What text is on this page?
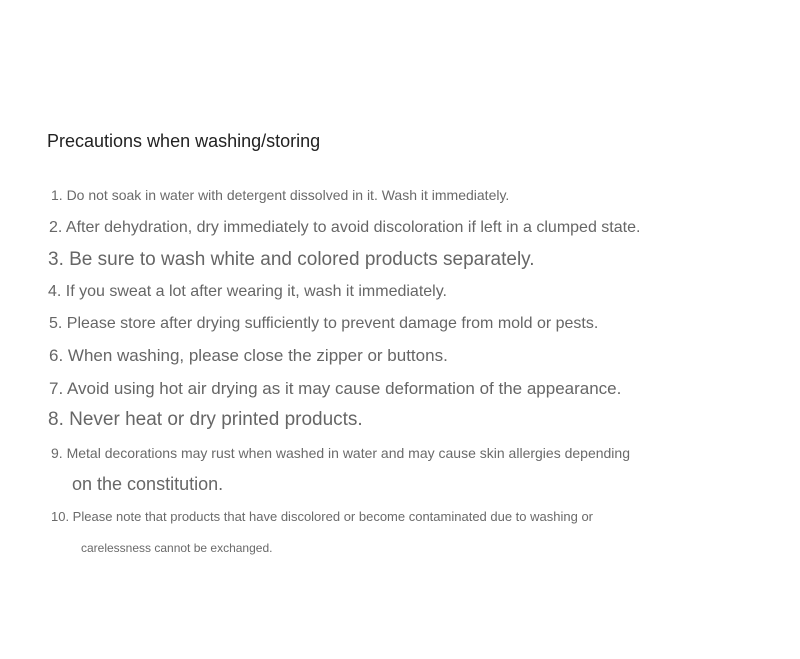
Precautions when washing/storing
1. Do not soak in water with detergent dissolved in it. Wash it immediately.
2. After dehydration, dry immediately to avoid discoloration if left in a clumped state.
3. Be sure to wash white and colored products separately.
4. If you sweat a lot after wearing it, wash it immediately.
5. Please store after drying sufficiently to prevent damage from mold or pests.
6. When washing, please close the zipper or buttons.
7. Avoid using hot air drying as it may cause deformation of the appearance.
8. Never heat or dry printed products.
9. Metal decorations may rust when washed in water and may cause skin allergies depending
on the constitution.
10. Please note that products that have discolored or become contaminated due to washing or
carelessness cannot be exchanged.
